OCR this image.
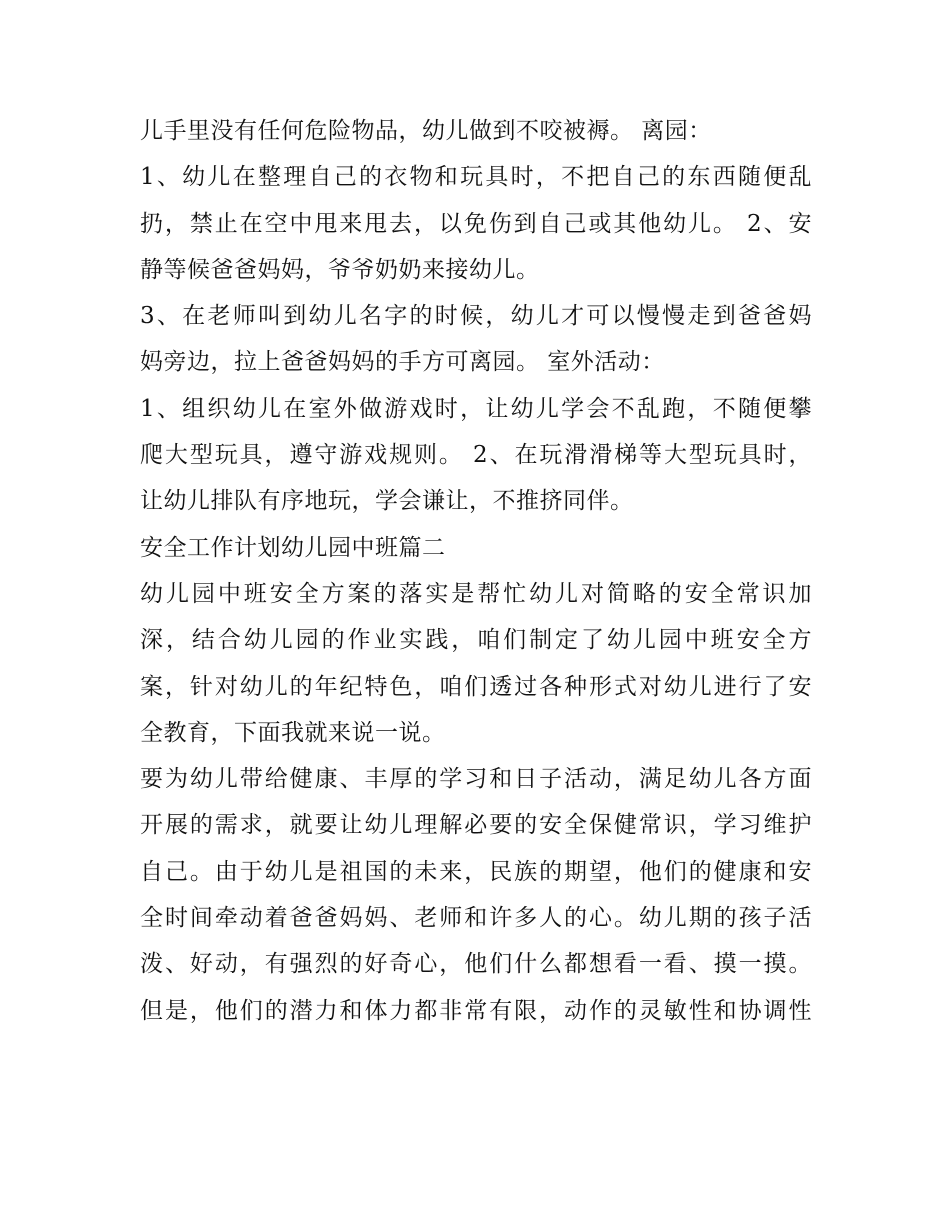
儿手里没有任何危险物品，幼儿做到不咬被褥。 离园：
1、幼儿在整理自己的衣物和玩具时，不把自己的东西随便乱
扔，禁止在空中甩来甩去，以免伤到自己或其他幼儿。 2、安
静等候爸爸妈妈，爷爷奶奶来接幼儿。
3、在老师叫到幼儿名字的时候，幼儿才可以慢慢走到爸爸妈
妈旁边，拉上爸爸妈妈的手方可离园。 室外活动：
1、组织幼儿在室外做游戏时，让幼儿学会不乱跑，不随便攀
爬大型玩具，遵守游戏规则。 2、在玩滑滑梯等大型玩具时，
让幼儿排队有序地玩，学会谦让，不推挤同伴。
安全工作计划幼儿园中班篇二
幼儿园中班安全方案的落实是帮忙幼儿对简略的安全常识加
深，结合幼儿园的作业实践，咱们制定了幼儿园中班安全方
案，针对幼儿的年纪特色，咱们透过各种形式对幼儿进行了安
全教育，下面我就来说一说。
要为幼儿带给健康、丰厚的学习和日子活动，满足幼儿各方面
开展的需求，就要让幼儿理解必要的安全保健常识，学习维护
自己。由于幼儿是祖国的未来，民族的期望，他们的健康和安
全时间牵动着爸爸妈妈、老师和许多人的心。幼儿期的孩子活
泼、好动，有强烈的好奇心，他们什么都想看一看、摸一摸。
但是，他们的潜力和体力都非常有限，动作的灵敏性和协调性
